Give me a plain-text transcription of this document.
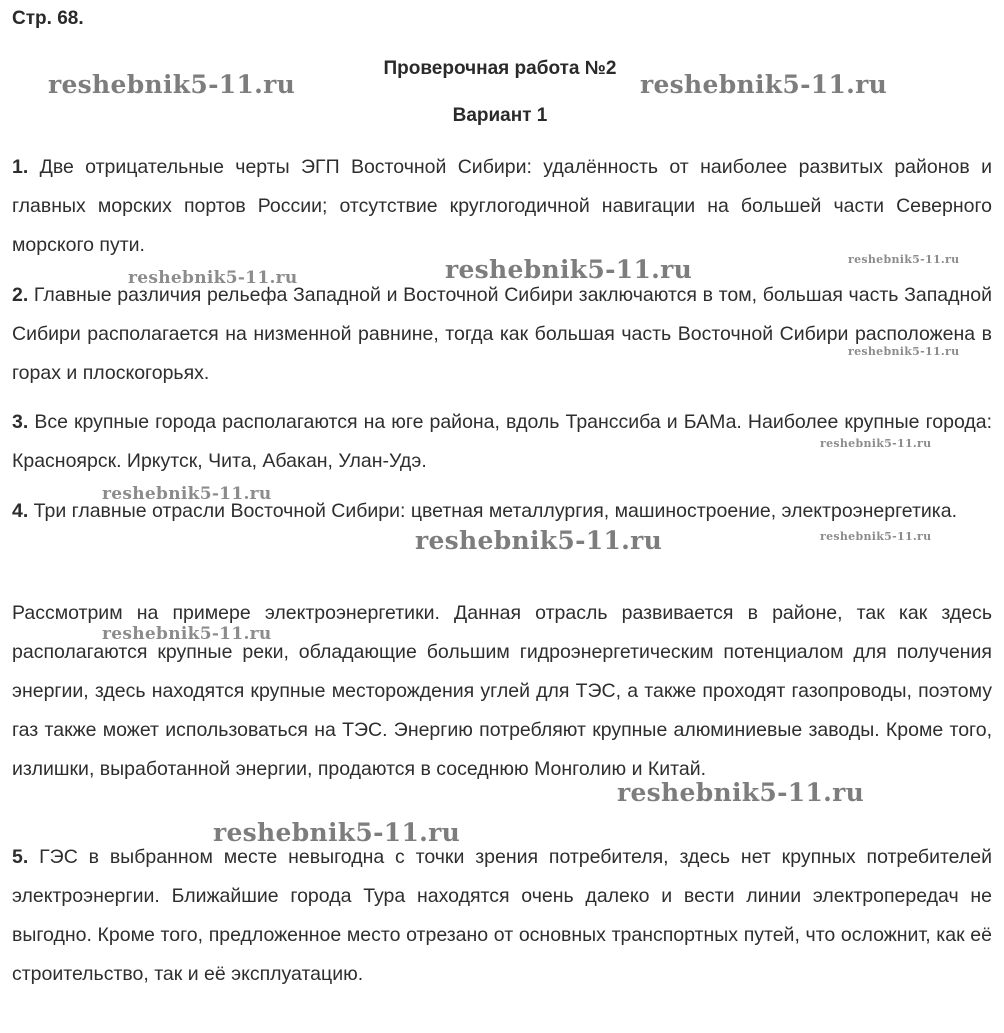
Стр. 68.
Проверочная работа №2
Вариант 1

1. Две отрицательные черты ЭГП Восточной Сибири: удалённость от наиболее развитых районов и главных морских портов России; отсутствие круглогодичной навигации на большей части Северного морского пути.

2. Главные различия рельефа Западной и Восточной Сибири заключаются в том, большая часть Западной Сибири располагается на низменной равнине, тогда как большая часть Восточной Сибири расположена в горах и плоскогорьях.

3. Все крупные города располагаются на юге района, вдоль Транссиба и БАМа. Наиболее крупные города: Красноярск. Иркутск, Чита, Абакан, Улан-Удэ.

4. Три главные отрасли Восточной Сибири: цветная металлургия, машиностроение, электроэнергетика.

Рассмотрим на примере электроэнергетики. Данная отрасль развивается в районе, так как здесь располагаются крупные реки, обладающие большим гидроэнергетическим потенциалом для получения энергии, здесь находятся крупные месторождения углей для ТЭС, а также проходят газопроводы, поэтому газ также может использоваться на ТЭС. Энергию потребляют крупные алюминиевые заводы. Кроме того, излишки, выработанной энергии, продаются в соседнюю Монголию и Китай.

5. ГЭС в выбранном месте невыгодна с точки зрения потребителя, здесь нет крупных потребителей электроэнергии. Ближайшие города Тура находятся очень далеко и вести линии электропередач не выгодно. Кроме того, предложенное место отрезано от основных транспортных путей, что осложнит, как её строительство, так и её эксплуатацию.

reshebnik5-11.ru	reshebnik5-11.ru
reshebnik5-11.ru
reshebnik5-11.ru
reshebnik5-11.ru
reshebnik5-11.ru
reshebnik5-11.ru
reshebnik5-11.ru
reshebnik5-11.ru	reshebnik5-11.ru
reshebnik5-11.ru
reshebnik5-11.ru
reshebnik5-11.ru
